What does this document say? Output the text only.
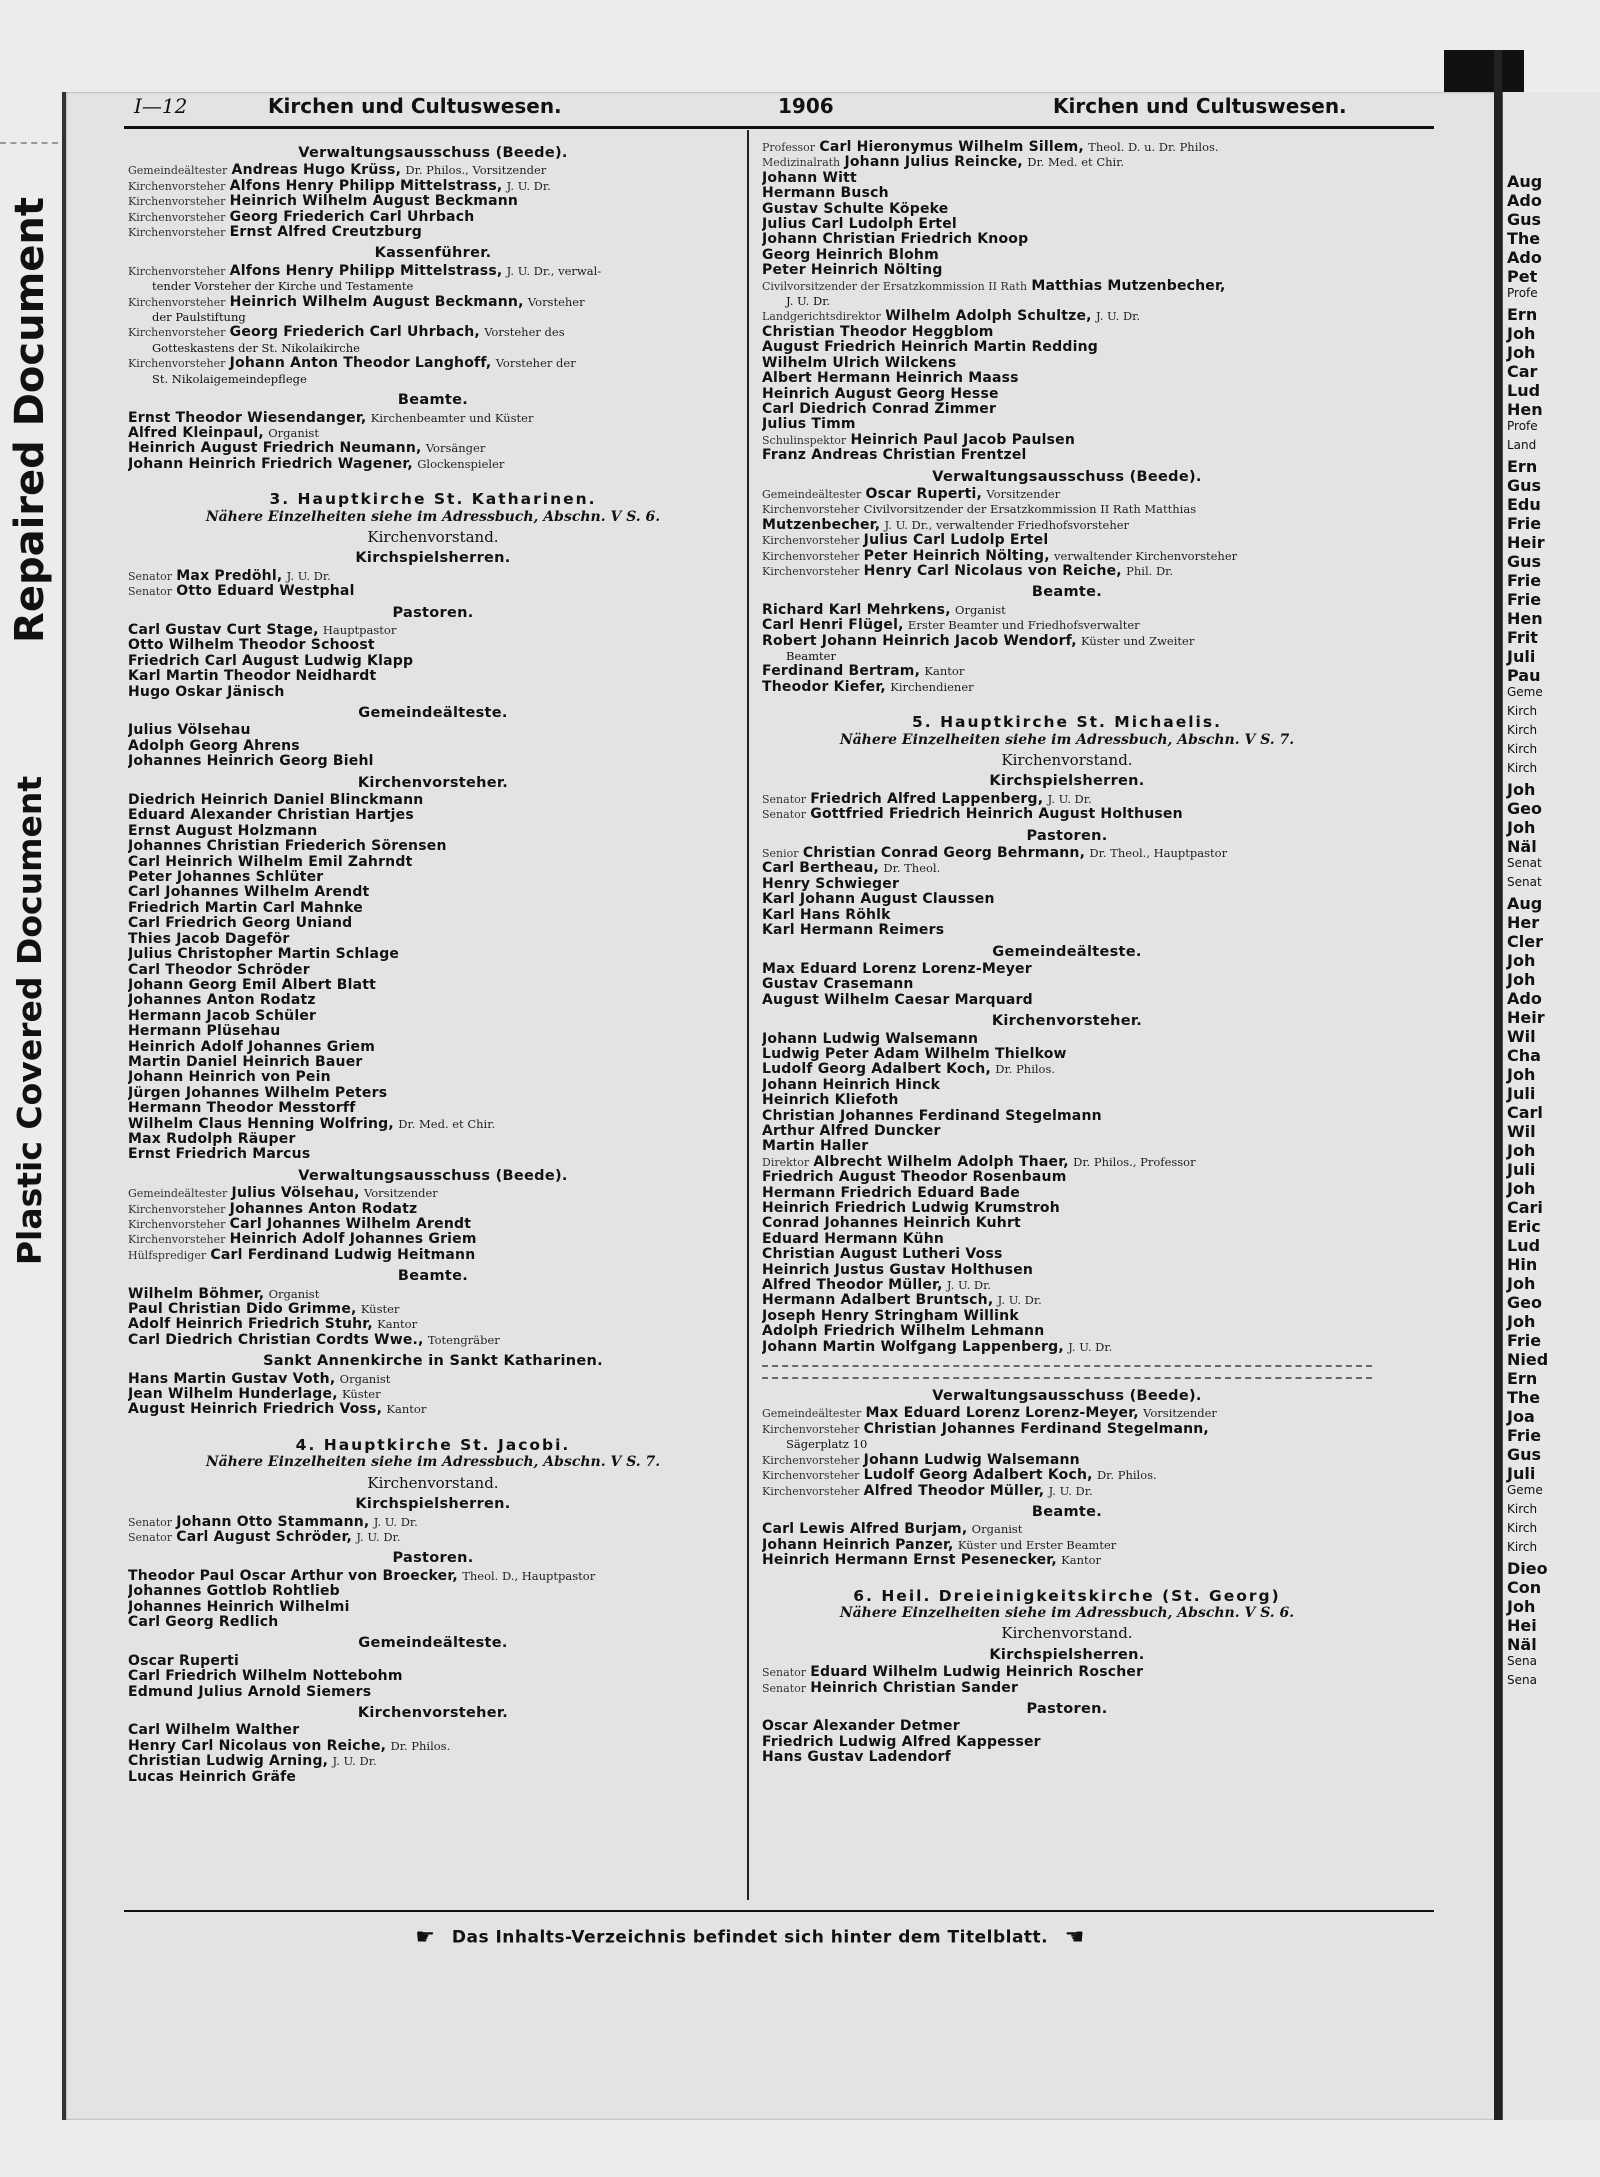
Repaired Document
Plastic Covered Document
I—12	Kirchen und Cultuswesen.	1906	Kirchen und Cultuswesen.
Verwaltungsausschuss (Beede).
Gemeindeältester Andreas Hugo Krüss, Dr. Philos., Vorsitzender
Kirchenvorsteher Alfons Henry Philipp Mittelstrass, J. U. Dr.
Kirchenvorsteher Heinrich Wilhelm August Beckmann
Kirchenvorsteher Georg Friederich Carl Uhrbach
Kirchenvorsteher Ernst Alfred Creutzburg
Kassenführer.
Kirchenvorsteher Alfons Henry Philipp Mittelstrass, J. U. Dr., verwal-
tender Vorsteher der Kirche und Testamente
Kirchenvorsteher Heinrich Wilhelm August Beckmann, Vorsteher
der Paulstiftung
Kirchenvorsteher Georg Friederich Carl Uhrbach, Vorsteher des
Gotteskastens der St. Nikolaikirche
Kirchenvorsteher Johann Anton Theodor Langhoff, Vorsteher der
St. Nikolaigemeindepflege
Beamte.
Ernst Theodor Wiesendanger, Kirchenbeamter und Küster
Alfred Kleinpaul, Organist
Heinrich August Friedrich Neumann, Vorsänger
Johann Heinrich Friedrich Wagener, Glockenspieler
3. Hauptkirche St. Katharinen.
Nähere Einzelheiten siehe im Adressbuch, Abschn. V S. 6.
Kirchenvorstand.
Kirchspielsherren.
Senator Max Predöhl, J. U. Dr.
Senator Otto Eduard Westphal
Pastoren.
Carl Gustav Curt Stage, Hauptpastor
Otto Wilhelm Theodor Schoost
Friedrich Carl August Ludwig Klapp
Karl Martin Theodor Neidhardt
Hugo Oskar Jänisch
Gemeindeälteste.
Julius Völsehau
Adolph Georg Ahrens
Johannes Heinrich Georg Biehl
Kirchenvorsteher.
Diedrich Heinrich Daniel Blinckmann
Eduard Alexander Christian Hartjes
Ernst August Holzmann
Johannes Christian Friederich Sörensen
Carl Heinrich Wilhelm Emil Zahrndt
Peter Johannes Schlüter
Carl Johannes Wilhelm Arendt
Friedrich Martin Carl Mahnke
Carl Friedrich Georg Uniand
Thies Jacob Dageför
Julius Christopher Martin Schlage
Carl Theodor Schröder
Johann Georg Emil Albert Blatt
Johannes Anton Rodatz
Hermann Jacob Schüler
Hermann Plüsehau
Heinrich Adolf Johannes Griem
Martin Daniel Heinrich Bauer
Johann Heinrich von Pein
Jürgen Johannes Wilhelm Peters
Hermann Theodor Messtorff
Wilhelm Claus Henning Wolfring, Dr. Med. et Chir.
Max Rudolph Räuper
Ernst Friedrich Marcus
Verwaltungsausschuss (Beede).
Gemeindeältester Julius Völsehau, Vorsitzender
Kirchenvorsteher Johannes Anton Rodatz
Kirchenvorsteher Carl Johannes Wilhelm Arendt
Kirchenvorsteher Heinrich Adolf Johannes Griem
Hülfsprediger Carl Ferdinand Ludwig Heitmann
Beamte.
Wilhelm Böhmer, Organist
Paul Christian Dido Grimme, Küster
Adolf Heinrich Friedrich Stuhr, Kantor
Carl Diedrich Christian Cordts Wwe., Totengräber
Sankt Annenkirche in Sankt Katharinen.
Hans Martin Gustav Voth, Organist
Jean Wilhelm Hunderlage, Küster
August Heinrich Friedrich Voss, Kantor
4. Hauptkirche St. Jacobi.
Nähere Einzelheiten siehe im Adressbuch, Abschn. V S. 7.
Kirchenvorstand.
Kirchspielsherren.
Senator Johann Otto Stammann, J. U. Dr.
Senator Carl August Schröder, J. U. Dr.
Pastoren.
Theodor Paul Oscar Arthur von Broecker, Theol. D., Hauptpastor
Johannes Gottlob Rohtlieb
Johannes Heinrich Wilhelmi
Carl Georg Redlich
Gemeindeälteste.
Oscar Ruperti
Carl Friedrich Wilhelm Nottebohm
Edmund Julius Arnold Siemers
Kirchenvorsteher.
Carl Wilhelm Walther
Henry Carl Nicolaus von Reiche, Dr. Philos.
Christian Ludwig Arning, J. U. Dr.
Lucas Heinrich Gräfe
Professor Carl Hieronymus Wilhelm Sillem, Theol. D. u. Dr. Philos.
Medizinalrath Johann Julius Reincke, Dr. Med. et Chir.
Johann Witt
Hermann Busch
Gustav Schulte Köpeke
Julius Carl Ludolph Ertel
Johann Christian Friedrich Knoop
Georg Heinrich Blohm
Peter Heinrich Nölting
Civilvorsitzender der Ersatzkommission II Rath Matthias Mutzenbecher,
J. U. Dr.
Landgerichtsdirektor Wilhelm Adolph Schultze, J. U. Dr.
Christian Theodor Heggblom
August Friedrich Heinrich Martin Redding
Wilhelm Ulrich Wilckens
Albert Hermann Heinrich Maass
Heinrich August Georg Hesse
Carl Diedrich Conrad Zimmer
Julius Timm
Schulinspektor Heinrich Paul Jacob Paulsen
Franz Andreas Christian Frentzel
Verwaltungsausschuss (Beede).
Gemeindeältester Oscar Ruperti, Vorsitzender
Kirchenvorsteher Civilvorsitzender der Ersatzkommission II Rath Matthias
Mutzenbecher, J. U. Dr., verwaltender Friedhofsvorsteher
Kirchenvorsteher Julius Carl Ludolp Ertel
Kirchenvorsteher Peter Heinrich Nölting, verwaltender Kirchenvorsteher
Kirchenvorsteher Henry Carl Nicolaus von Reiche, Phil. Dr.
Beamte.
Richard Karl Mehrkens, Organist
Carl Henri Flügel, Erster Beamter und Friedhofsverwalter
Robert Johann Heinrich Jacob Wendorf, Küster und Zweiter
Beamter
Ferdinand Bertram, Kantor
Theodor Kiefer, Kirchendiener
5. Hauptkirche St. Michaelis.
Nähere Einzelheiten siehe im Adressbuch, Abschn. V S. 7.
Kirchenvorstand.
Kirchspielsherren.
Senator Friedrich Alfred Lappenberg, J. U. Dr.
Senator Gottfried Friedrich Heinrich August Holthusen
Pastoren.
Senior Christian Conrad Georg Behrmann, Dr. Theol., Hauptpastor
Carl Bertheau, Dr. Theol.
Henry Schwieger
Karl Johann August Claussen
Karl Hans Röhlk
Karl Hermann Reimers
Gemeindeälteste.
Max Eduard Lorenz Lorenz-Meyer
Gustav Crasemann
August Wilhelm Caesar Marquard
Kirchenvorsteher.
Johann Ludwig Walsemann
Ludwig Peter Adam Wilhelm Thielkow
Ludolf Georg Adalbert Koch, Dr. Philos.
Johann Heinrich Hinck
Heinrich Kliefoth
Christian Johannes Ferdinand Stegelmann
Arthur Alfred Duncker
Martin Haller
Direktor Albrecht Wilhelm Adolph Thaer, Dr. Philos., Professor
Friedrich August Theodor Rosenbaum
Hermann Friedrich Eduard Bade
Heinrich Friedrich Ludwig Krumstroh
Conrad Johannes Heinrich Kuhrt
Eduard Hermann Kühn
Christian August Lutheri Voss
Heinrich Justus Gustav Holthusen
Alfred Theodor Müller, J. U. Dr.
Hermann Adalbert Bruntsch, J. U. Dr.
Joseph Henry Stringham Willink
Adolph Friedrich Wilhelm Lehmann
Johann Martin Wolfgang Lappenberg, J. U. Dr.
Verwaltungsausschuss (Beede).
Gemeindeältester Max Eduard Lorenz Lorenz-Meyer, Vorsitzender
Kirchenvorsteher Christian Johannes Ferdinand Stegelmann,
Sägerplatz 10
Kirchenvorsteher Johann Ludwig Walsemann
Kirchenvorsteher Ludolf Georg Adalbert Koch, Dr. Philos.
Kirchenvorsteher Alfred Theodor Müller, J. U. Dr.
Beamte.
Carl Lewis Alfred Burjam, Organist
Johann Heinrich Panzer, Küster und Erster Beamter
Heinrich Hermann Ernst Pesenecker, Kantor
6. Heil. Dreieinigkeitskirche (St. Georg)
Nähere Einzelheiten siehe im Adressbuch, Abschn. V S. 6.
Kirchenvorstand.
Kirchspielsherren.
Senator Eduard Wilhelm Ludwig Heinrich Roscher
Senator Heinrich Christian Sander
Pastoren.
Oscar Alexander Detmer
Friedrich Ludwig Alfred Kappesser
Hans Gustav Ladendorf
☛ Das Inhalts-Verzeichnis befindet sich hinter dem Titelblatt. ☚
Aug
Ado
Gus
The
Ado
Pet
Profe
Ern
Joh
Joh
Car
Lud
Hen
Profe
Land
Ern
Gus
Edu
Frie
Heir
Gus
Frie
Frie
Hen
Frit
Juli
Pau
Geme
Kirch
Kirch
Kirch
Kirch
Joh
Geo
Joh
Näl
Senat
Senat
Aug
Her
Cler
Joh
Joh
Ado
Heir
Wil
Cha
Joh
Juli
Carl
Wil
Joh
Juli
Joh
Cari
Eric
Lud
Hin
Joh
Geo
Joh
Frie
Nied
Ern
The
Joa
Frie
Gus
Juli
Geme
Kirch
Kirch
Kirch
Dieo
Con
Joh
Hei
Näl
Sena
Sena
